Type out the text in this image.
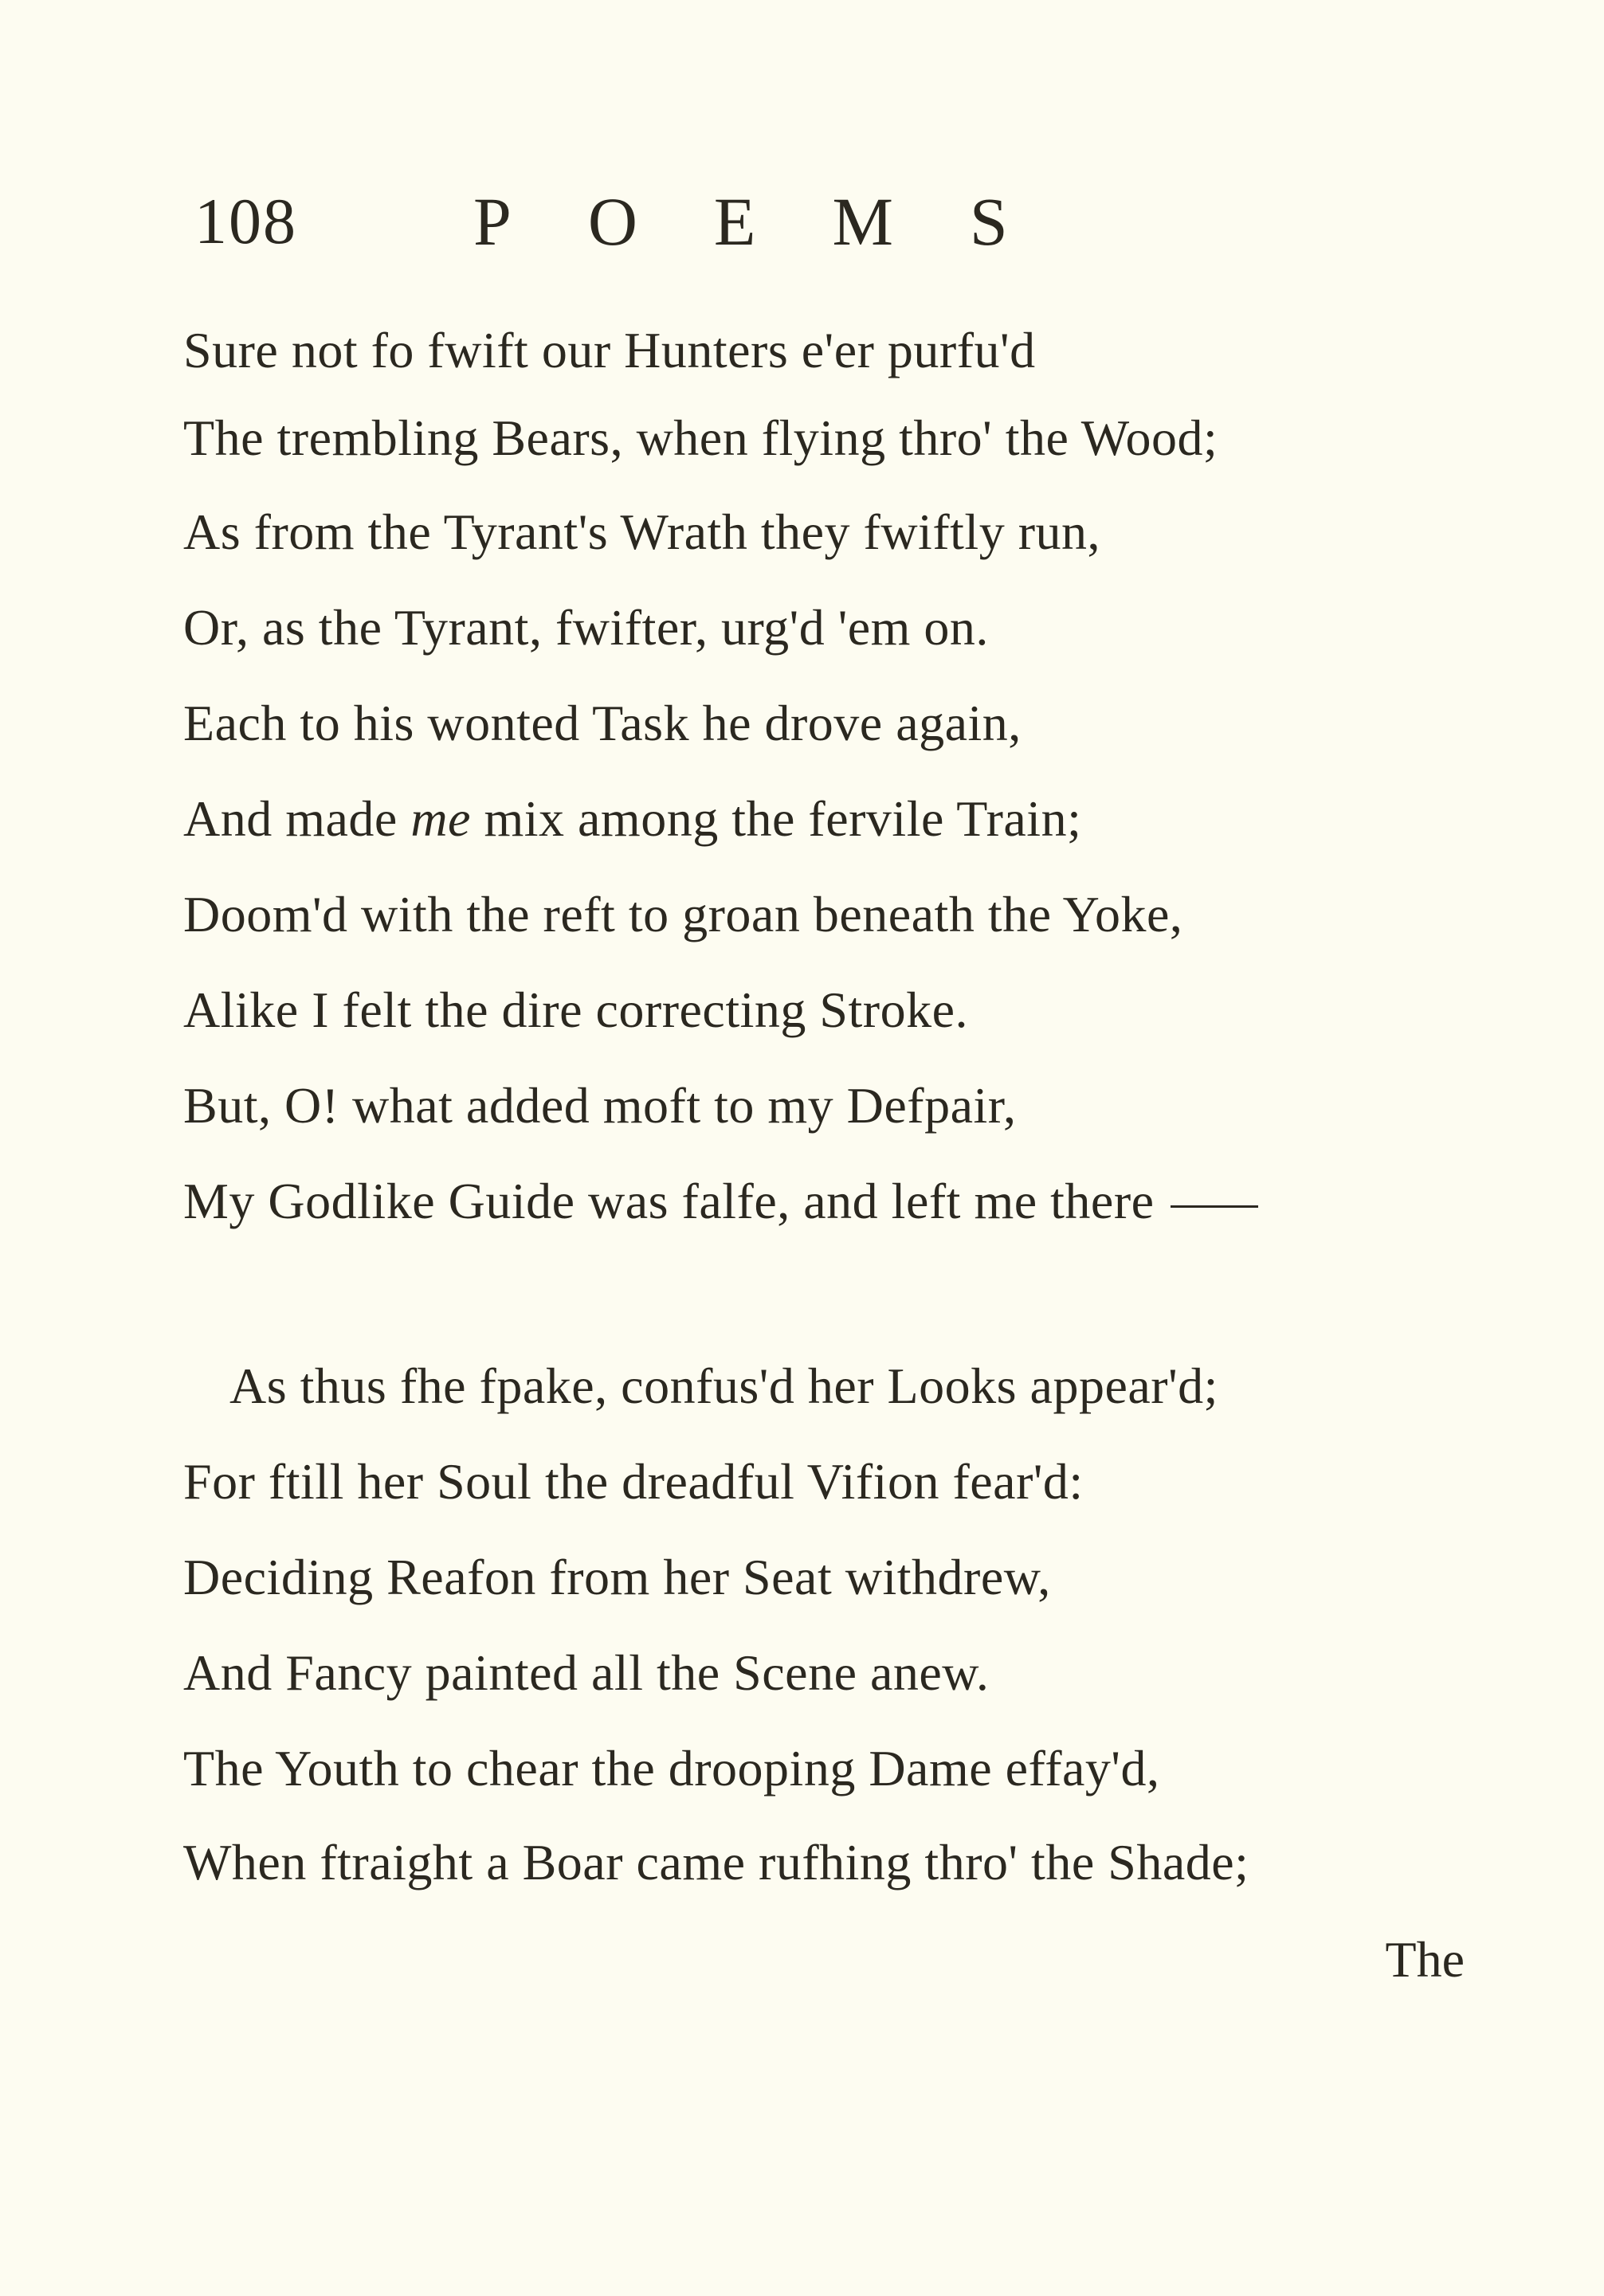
108	POEMS
Sure not fo fwift our Hunters e'er purfu'd
The trembling Bears, when flying thro' the Wood;
As from the Tyrant's Wrath they fwiftly run,
Or, as the Tyrant, fwifter, urg'd 'em on.
Each to his wonted Task he drove again,
And made me mix among the fervile Train;
Doom'd with the reft to groan beneath the Yoke,
Alike I felt the dire correcting Stroke.
But, O! what added moft to my Defpair,
My Godlike Guide was falfe, and left me there
As thus fhe fpake, confus'd her Looks appear'd;
For ftill her Soul the dreadful Vifion fear'd:
Deciding Reafon from her Seat withdrew,
And Fancy painted all the Scene anew.
The Youth to chear the drooping Dame effay'd,
When ftraight a Boar came rufhing thro' the Shade;
The
